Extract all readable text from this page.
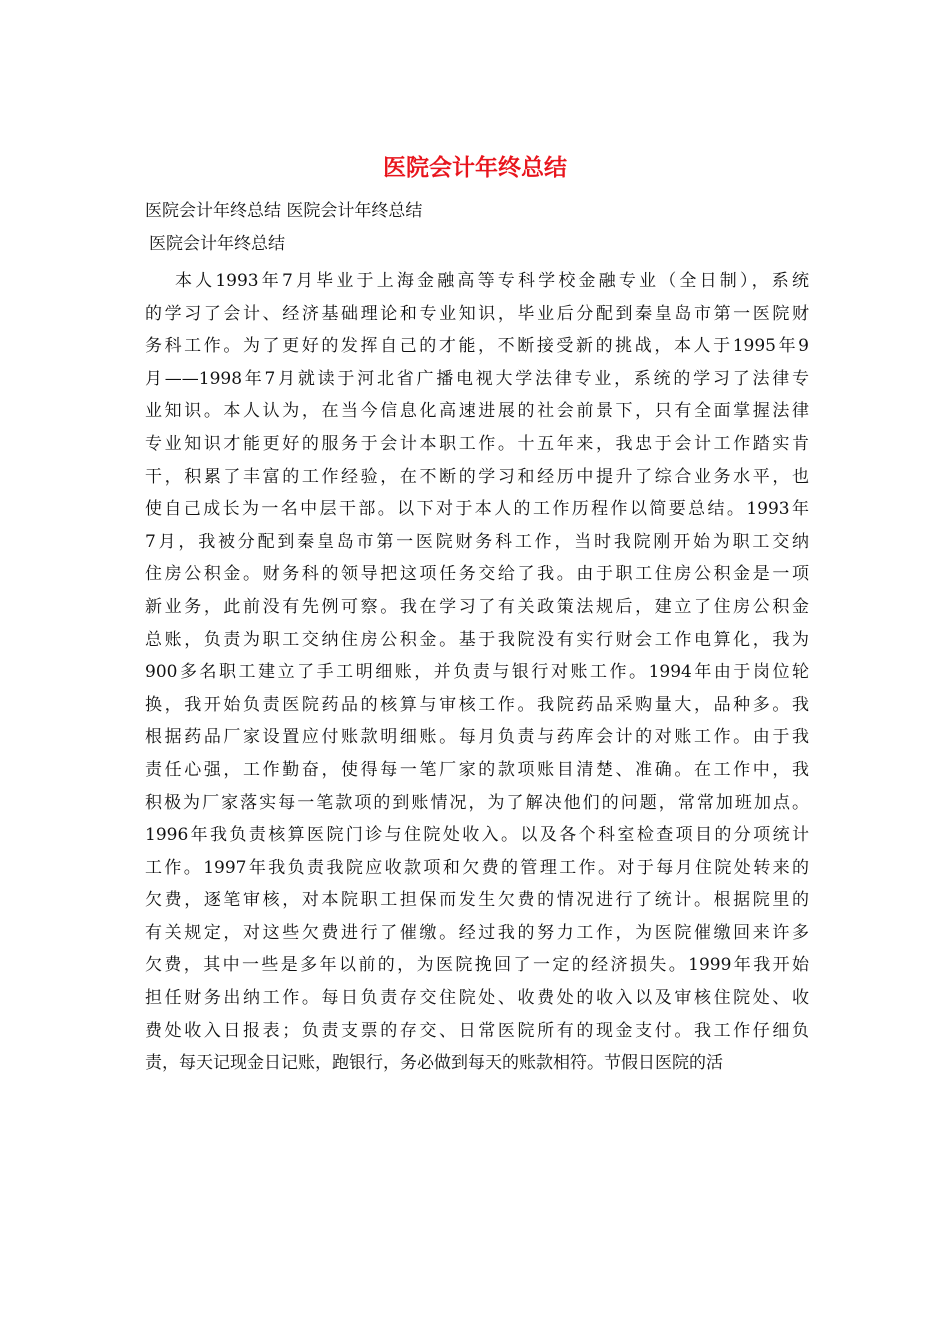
医院会计年终总结

医院会计年终总结 医院会计年终总结

医院会计年终总结

本人1993年7月毕业于上海金融高等专科学校金融专业（全日制），系统
的学习了会计、经济基础理论和专业知识，毕业后分配到秦皇岛市第一医院财
务科工作。为了更好的发挥自己的才能，不断接受新的挑战，本人于1995年9
月——1998年7月就读于河北省广播电视大学法律专业，系统的学习了法律专
业知识。本人认为，在当今信息化高速进展的社会前景下，只有全面掌握法律
专业知识才能更好的服务于会计本职工作。十五年来，我忠于会计工作踏实肯
干，积累了丰富的工作经验，在不断的学习和经历中提升了综合业务水平，也
使自己成长为一名中层干部。以下对于本人的工作历程作以简要总结。1993年
7月，我被分配到秦皇岛市第一医院财务科工作，当时我院刚开始为职工交纳
住房公积金。财务科的领导把这项任务交给了我。由于职工住房公积金是一项
新业务，此前没有先例可察。我在学习了有关政策法规后，建立了住房公积金
总账，负责为职工交纳住房公积金。基于我院没有实行财会工作电算化，我为
900多名职工建立了手工明细账，并负责与银行对账工作。1994年由于岗位轮
换，我开始负责医院药品的核算与审核工作。我院药品采购量大，品种多。我
根据药品厂家设置应付账款明细账。每月负责与药库会计的对账工作。由于我
责任心强，工作勤奋，使得每一笔厂家的款项账目清楚、准确。在工作中，我
积极为厂家落实每一笔款项的到账情况，为了解决他们的问题，常常加班加点。
1996年我负责核算医院门诊与住院处收入。以及各个科室检查项目的分项统计
工作。1997年我负责我院应收款项和欠费的管理工作。对于每月住院处转来的
欠费，逐笔审核，对本院职工担保而发生欠费的情况进行了统计。根据院里的
有关规定，对这些欠费进行了催缴。经过我的努力工作，为医院催缴回来许多
欠费，其中一些是多年以前的，为医院挽回了一定的经济损失。1999年我开始
担任财务出纳工作。每日负责存交住院处、收费处的收入以及审核住院处、收
费处收入日报表；负责支票的存交、日常医院所有的现金支付。我工作仔细负
责，每天记现金日记账，跑银行，务必做到每天的账款相符。节假日医院的活
